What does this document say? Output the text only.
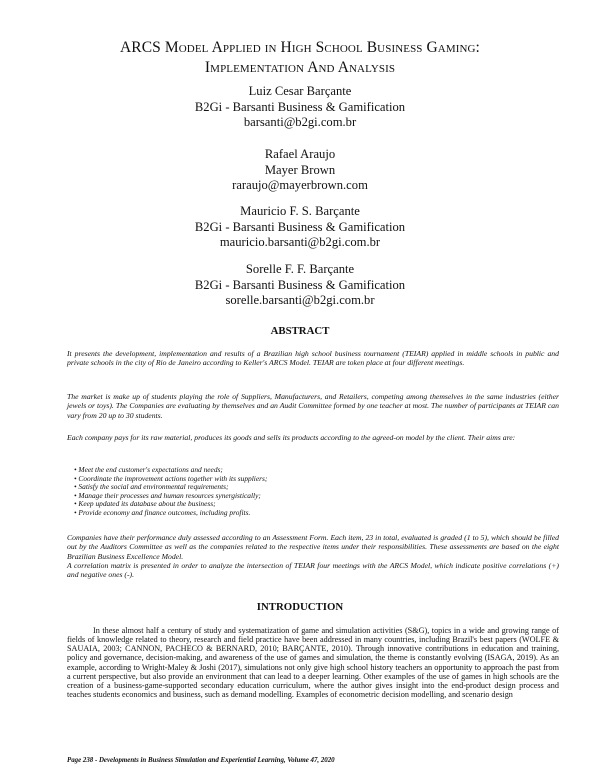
ARCS Model Applied in High School Business Gaming:
Implementation And Analysis
Luiz Cesar Barçante
B2Gi - Barsanti Business & Gamification
barsanti@b2gi.com.br
Rafael Araujo
Mayer Brown
raraujo@mayerbrown.com
Mauricio F. S. Barçante
B2Gi - Barsanti Business & Gamification
mauricio.barsanti@b2gi.com.br
Sorelle F. F. Barçante
B2Gi - Barsanti Business & Gamification
sorelle.barsanti@b2gi.com.br
ABSTRACT

It presents the development, implementation and results of a Brazilian high school business tournament (TEIAR) applied in middle schools in public and private schools in the city of Rio de Janeiro according to Keller's ARCS Model. TEIAR are token place at four different meetings.

The market is make up of students playing the role of Suppliers, Manufacturers, and Retailers, competing among themselves in the same industries (either jewels or toys). The Companies are evaluating by themselves and an Audit Committee formed by one teacher at most. The number of participants at TEIAR can vary from 20 up to 30 students.

Each company pays for its raw material, produces its goods and sells its products according to the agreed-on model by the client. Their aims are:

• Meet the end customer's expectations and needs;
• Coordinate the improvement actions together with its suppliers;
• Satisfy the social and environmental requirements;
• Manage their processes and human resources synergistically;
• Keep updated its database about the business;
• Provide economy and finance outcomes, including profits.

Companies have their performance duly assessed according to an Assessment Form. Each item, 23 in total, evaluated is graded (1 to 5), which should be filled out by the Auditors Committee as well as the companies related to the respective items under their responsibilities. These assessments are based on the eight Brazilian Business Excellence Model.

A correlation matrix is presented in order to analyze the intersection of TEIAR four meetings with the ARCS Model, which indicate positive correlations (+) and negative ones (-).

INTRODUCTION

In these almost half a century of study and systematization of game and simulation activities (S&G), topics in a wide and growing range of fields of knowledge related to theory, research and field practice have been addressed in many countries, including Brazil's best papers (WOLFE & SAUAIA, 2003; CANNON, PACHECO & BERNARD, 2010; BARÇANTE, 2010). Through innovative contributions in education and training, policy and governance, decision-making, and awareness of the use of games and simulation, the theme is constantly evolving (ISAGA, 2019). As an example, according to Wright-Maley & Joshi (2017), simulations not only give high school history teachers an opportunity to approach the past from a current perspective, but also provide an environment that can lead to a deeper learning. Other examples of the use of games in high schools are the creation of a business-game-supported secondary education curriculum, where the author gives insight into the end-product design process and teaches students economics and business, such as demand modelling. Examples of econometric decision modelling, and scenario design

Page 238 - Developments in Business Simulation and Experiential Learning, Volume 47, 2020
